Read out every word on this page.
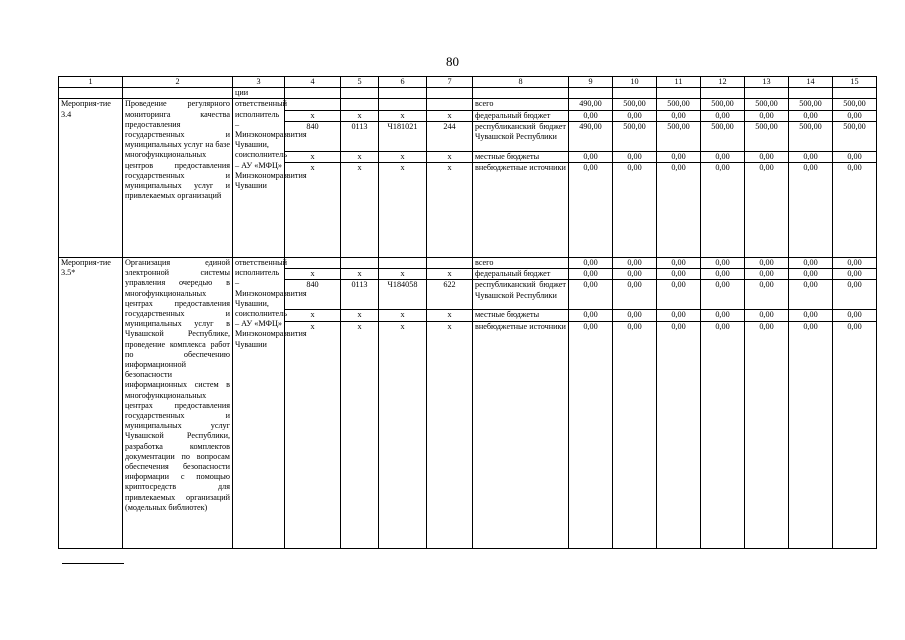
80
1	2	3	4	5	6	7	8	9	10	11	12	13	14	15
		ции												

Мероприя-тие 3.4	Проведение регулярного мониторинга качества предоставления государственных и муниципальных услуг на базе многофункциональных центров предоставления государственных и муниципальных услуг и привлекаемых организаций	ответственный исполнитель – Минэкономразвития Чувашии, соисполнитель – АУ «МФЦ» Минэкономразвития Чувашии					всего	490,00	500,00	500,00	500,00	500,00	500,00	500,00
			x	x	x	x	федеральный бюджет	0,00	0,00	0,00	0,00	0,00	0,00	0,00
			840	0113	Ч181021	244	республиканский бюджет Чувашской Республики	490,00	500,00	500,00	500,00	500,00	500,00	500,00
			x	x	x	x	местные бюджеты	0,00	0,00	0,00	0,00	0,00	0,00	0,00
			x	x	x	x	внебюджетные источники	0,00	0,00	0,00	0,00	0,00	0,00	0,00

Мероприя-тие 3.5*	Организация единой электронной системы управления очередью в многофункциональных центрах предоставления государственных и муниципальных услуг в Чувашской Республике, проведение комплекса работ по обеспечению информационной безопасности информационных систем в многофункциональных центрах предоставления государственных и муниципальных услуг Чувашской Республики, разработка комплектов документации по вопросам обеспечения безопасности информации с помощью криптосредств для привлекаемых организаций (модельных библиотек)	ответственный исполнитель – Минэкономразвития Чувашии, соисполнитель – АУ «МФЦ» Минэкономразвития Чувашии					всего	0,00	0,00	0,00	0,00	0,00	0,00	0,00
			x	x	x	x	федеральный бюджет	0,00	0,00	0,00	0,00	0,00	0,00	0,00
			840	0113	Ч184058	622	республиканский бюджет Чувашской Республики	0,00	0,00	0,00	0,00	0,00	0,00	0,00
			x	x	x	x	местные бюджеты	0,00	0,00	0,00	0,00	0,00	0,00	0,00
			x	x	x	x	внебюджетные источники	0,00	0,00	0,00	0,00	0,00	0,00	0,00
